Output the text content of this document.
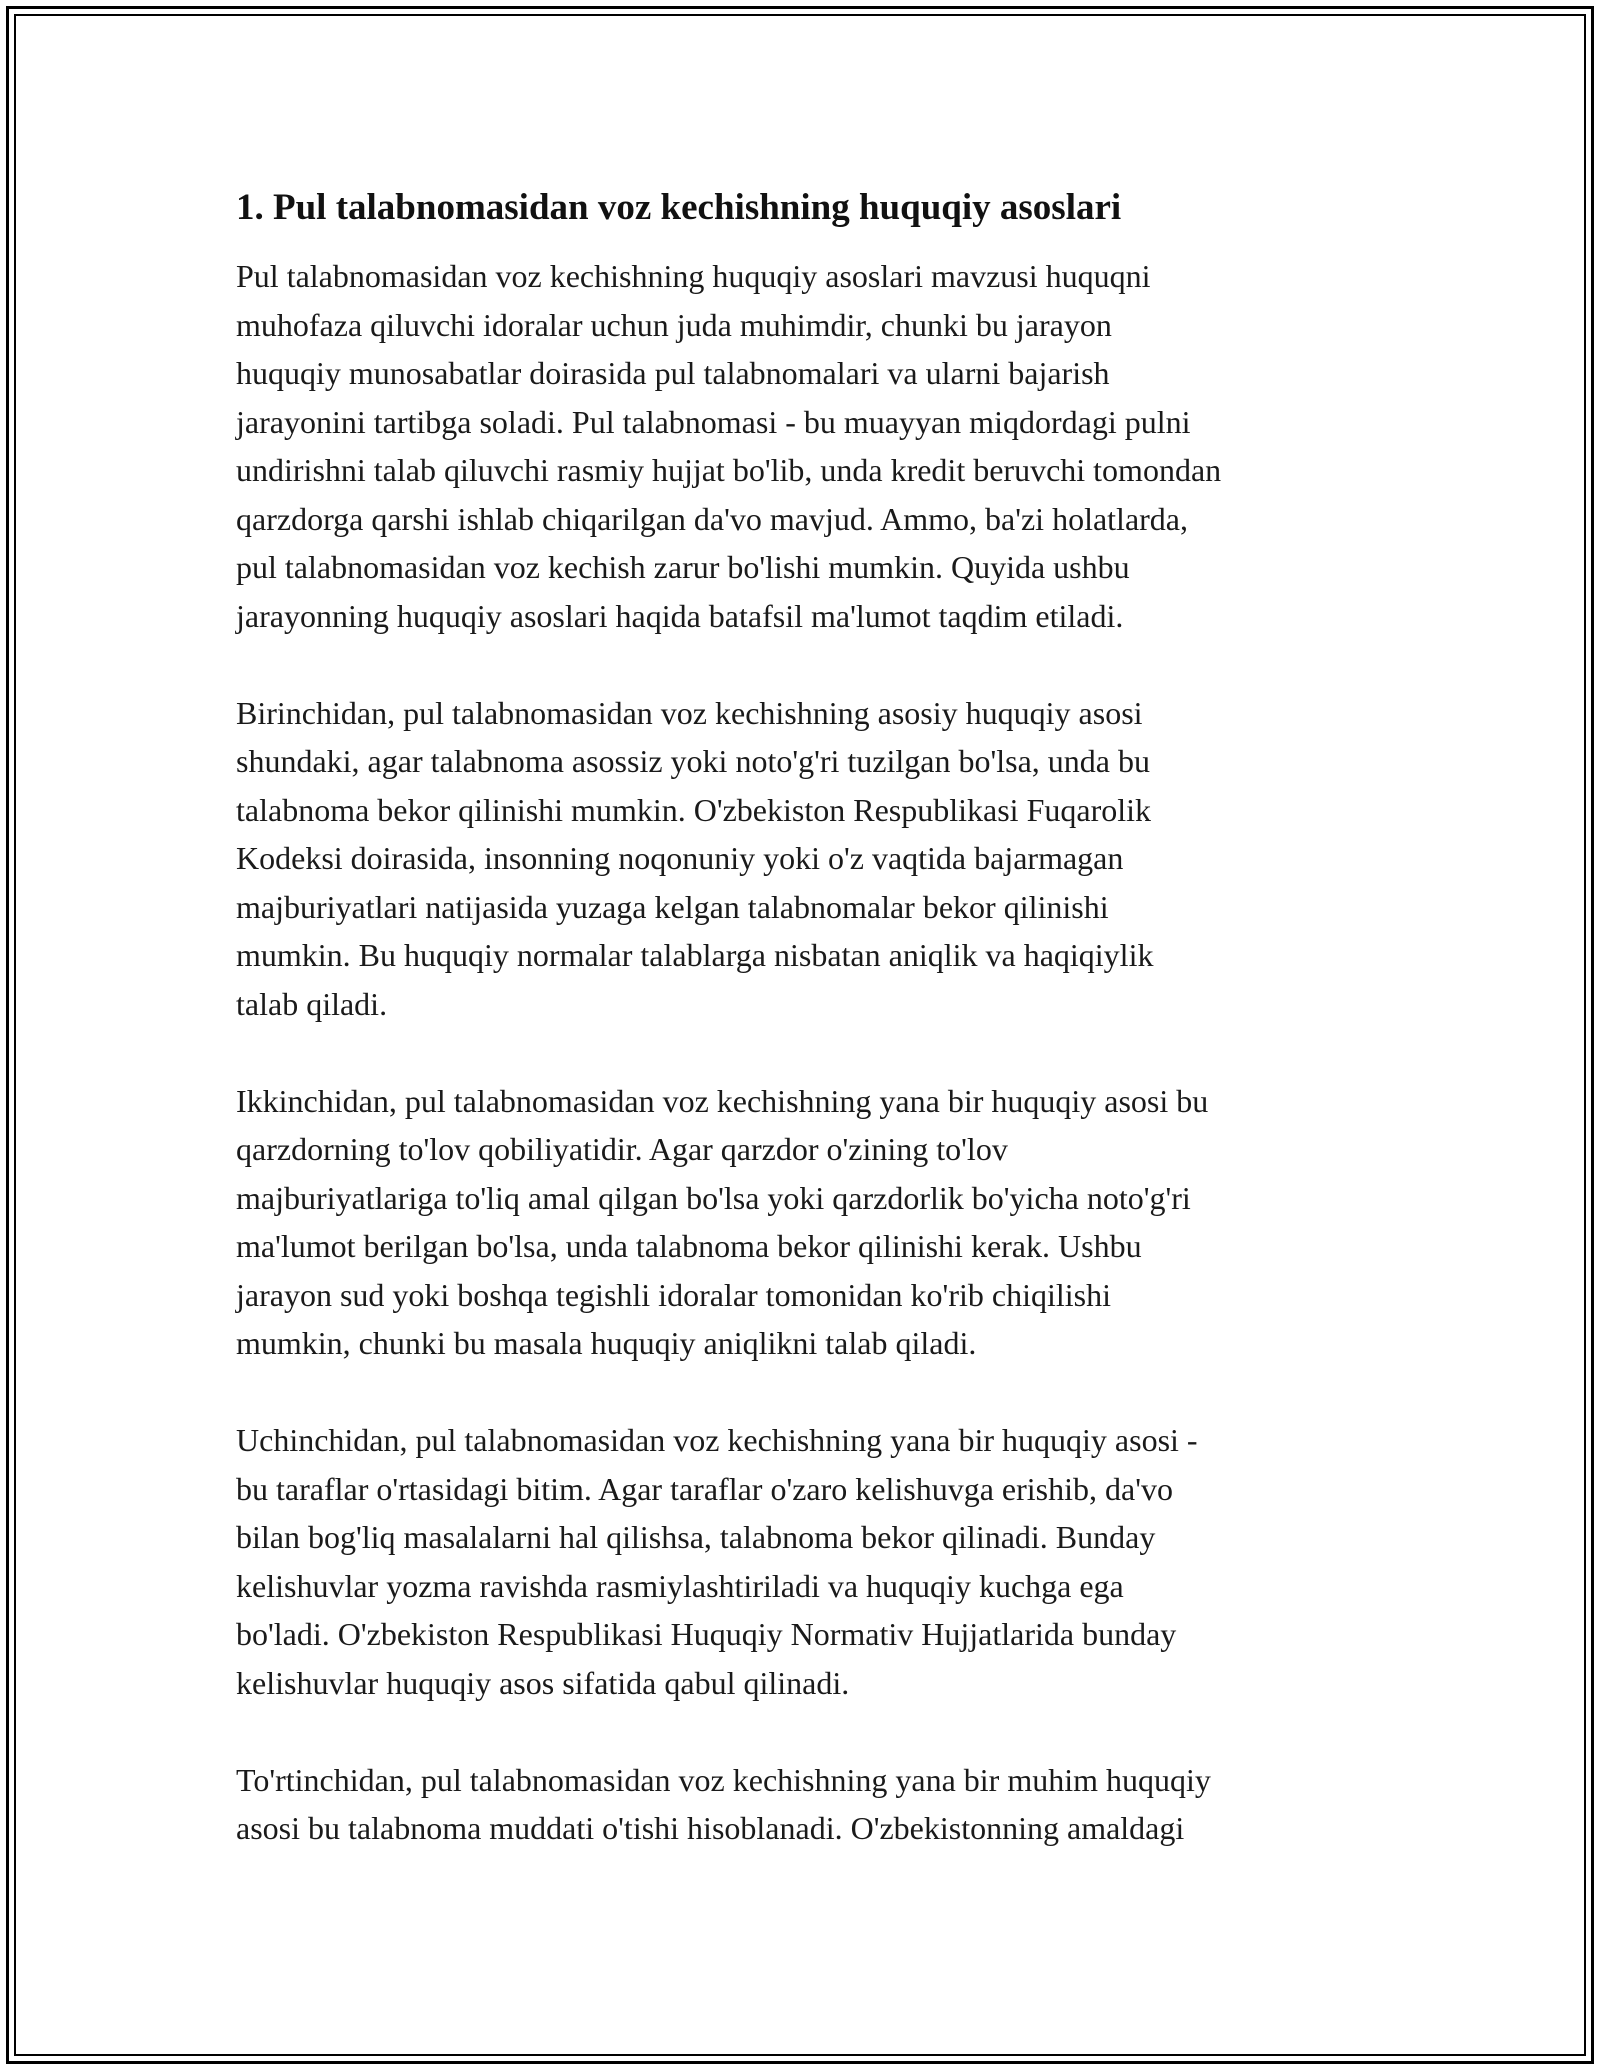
1. Pul talabnomasidan voz kechishning huquqiy asoslari

Pul talabnomasidan voz kechishning huquqiy asoslari mavzusi huquqni
muhofaza qiluvchi idoralar uchun juda muhimdir, chunki bu jarayon
huquqiy munosabatlar doirasida pul talabnomalari va ularni bajarish
jarayonini tartibga soladi. Pul talabnomasi - bu muayyan miqdordagi pulni
undirishni talab qiluvchi rasmiy hujjat bo'lib, unda kredit beruvchi tomondan
qarzdorga qarshi ishlab chiqarilgan da'vo mavjud. Ammo, ba'zi holatlarda,
pul talabnomasidan voz kechish zarur bo'lishi mumkin. Quyida ushbu
jarayonning huquqiy asoslari haqida batafsil ma'lumot taqdim etiladi.

Birinchidan, pul talabnomasidan voz kechishning asosiy huquqiy asosi
shundaki, agar talabnoma asossiz yoki noto'g'ri tuzilgan bo'lsa, unda bu
talabnoma bekor qilinishi mumkin. O'zbekiston Respublikasi Fuqarolik
Kodeksi doirasida, insonning noqonuniy yoki o'z vaqtida bajarmagan
majburiyatlari natijasida yuzaga kelgan talabnomalar bekor qilinishi
mumkin. Bu huquqiy normalar talablarga nisbatan aniqlik va haqiqiylik
talab qiladi.

Ikkinchidan, pul talabnomasidan voz kechishning yana bir huquqiy asosi bu
qarzdorning to'lov qobiliyatidir. Agar qarzdor o'zining to'lov
majburiyatlariga to'liq amal qilgan bo'lsa yoki qarzdorlik bo'yicha noto'g'ri
ma'lumot berilgan bo'lsa, unda talabnoma bekor qilinishi kerak. Ushbu
jarayon sud yoki boshqa tegishli idoralar tomonidan ko'rib chiqilishi
mumkin, chunki bu masala huquqiy aniqlikni talab qiladi.

Uchinchidan, pul talabnomasidan voz kechishning yana bir huquqiy asosi -
bu taraflar o'rtasidagi bitim. Agar taraflar o'zaro kelishuvga erishib, da'vo
bilan bog'liq masalalarni hal qilishsa, talabnoma bekor qilinadi. Bunday
kelishuvlar yozma ravishda rasmiylashtiriladi va huquqiy kuchga ega
bo'ladi. O'zbekiston Respublikasi Huquqiy Normativ Hujjatlarida bunday
kelishuvlar huquqiy asos sifatida qabul qilinadi.

To'rtinchidan, pul talabnomasidan voz kechishning yana bir muhim huquqiy
asosi bu talabnoma muddati o'tishi hisoblanadi. O'zbekistonning amaldagi
